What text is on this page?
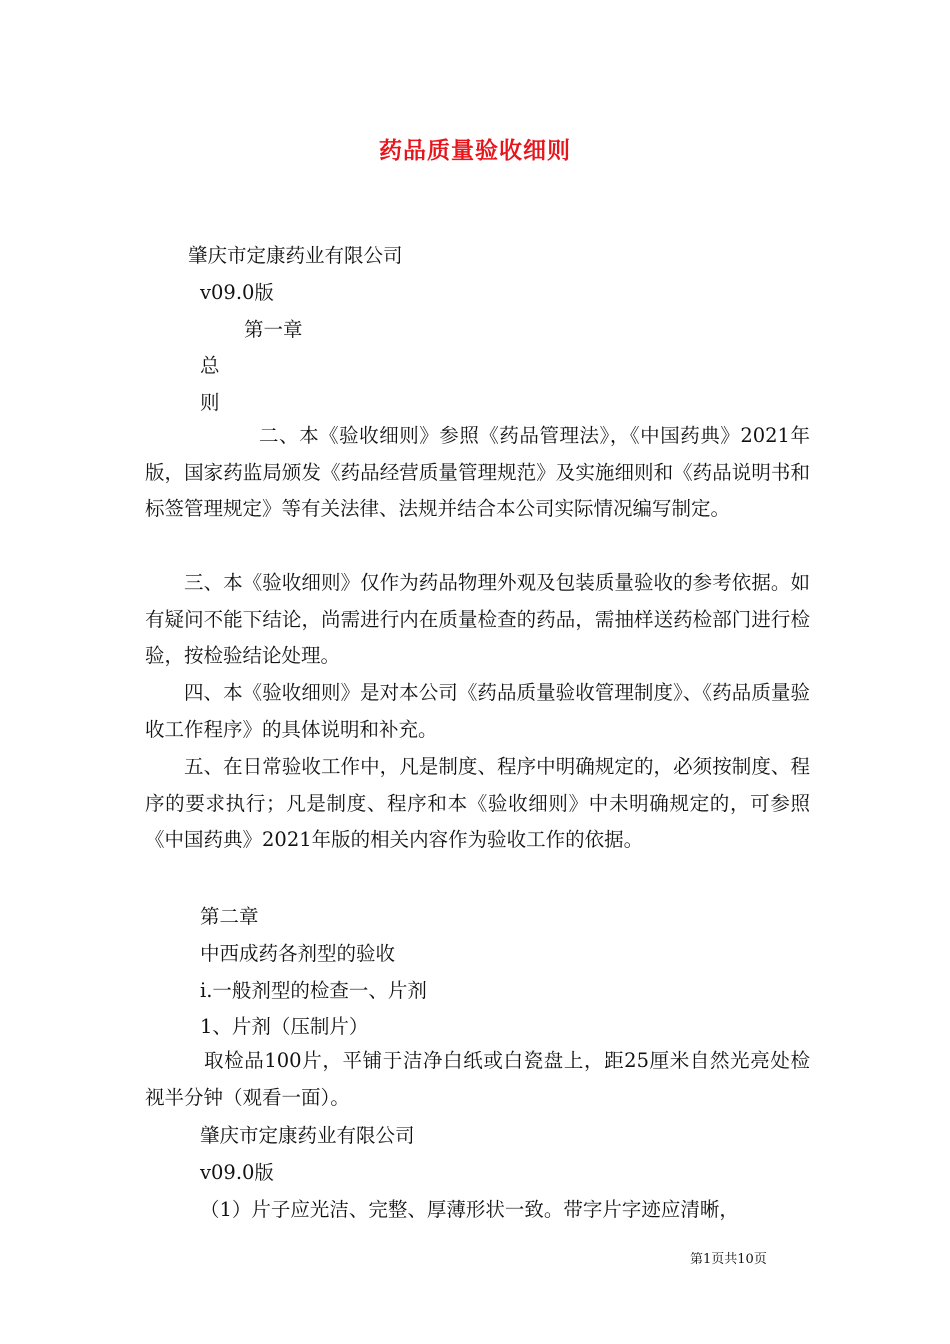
药品质量验收细则
肇庆市定康药业有限公司
v09.0版
第一章
总
则
二、本《验收细则》参照《药品管理法》，《中国药典》2021年版，国家药监局颁发《药品经营质量管理规范》及实施细则和《药品说明书和标签管理规定》等有关法律、法规并结合本公司实际情况编写制定。
三、本《验收细则》仅作为药品物理外观及包装质量验收的参考依据。如有疑问不能下结论，尚需进行内在质量检查的药品，需抽样送药检部门进行检验，按检验结论处理。
四、本《验收细则》是对本公司《药品质量验收管理制度》、《药品质量验收工作程序》的具体说明和补充。
五、在日常验收工作中，凡是制度、程序中明确规定的，必须按制度、程序的要求执行；凡是制度、程序和本《验收细则》中未明确规定的，可参照《中国药典》2021年版的相关内容作为验收工作的依据。
第二章
中西成药各剂型的验收
i.一般剂型的检查一、片剂
1、片剂（压制片）
取检品100片，平铺于洁净白纸或白瓷盘上，距25厘米自然光亮处检视半分钟（观看一面）。
肇庆市定康药业有限公司
v09.0版
（1）片子应光洁、完整、厚薄形状一致。带字片字迹应清晰，
第1页共10页
